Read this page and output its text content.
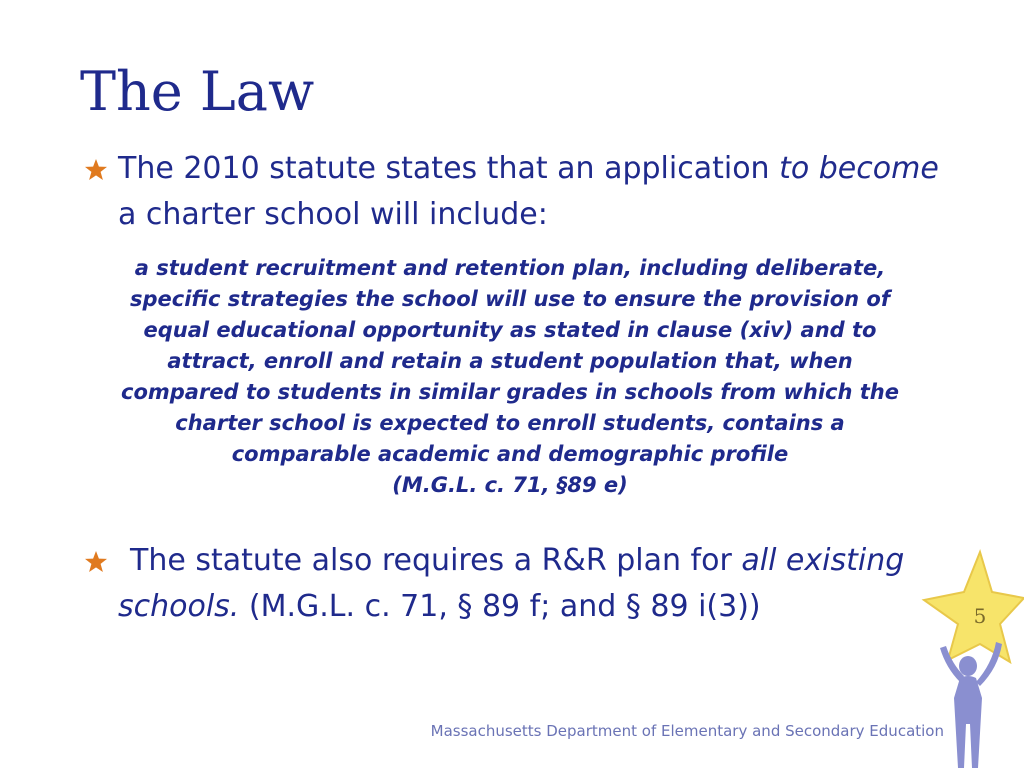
The Law
The 2010 statute states that an application to become a charter school will include:

a student recruitment and retention plan, including deliberate, specific strategies the school will use to ensure the provision of equal educational opportunity as stated in clause (xiv) and to attract, enroll and retain a student population that, when compared to students in similar grades in schools from which the charter school is expected to enroll students, contains a comparable academic and demographic profile
(M.G.L. c. 71, §89 e)

The statute also requires a R&R plan for all existing schools. (M.G.L. c. 71, § 89 f; and § 89 i(3))
Massachusetts Department of Elementary and Secondary Education
5
